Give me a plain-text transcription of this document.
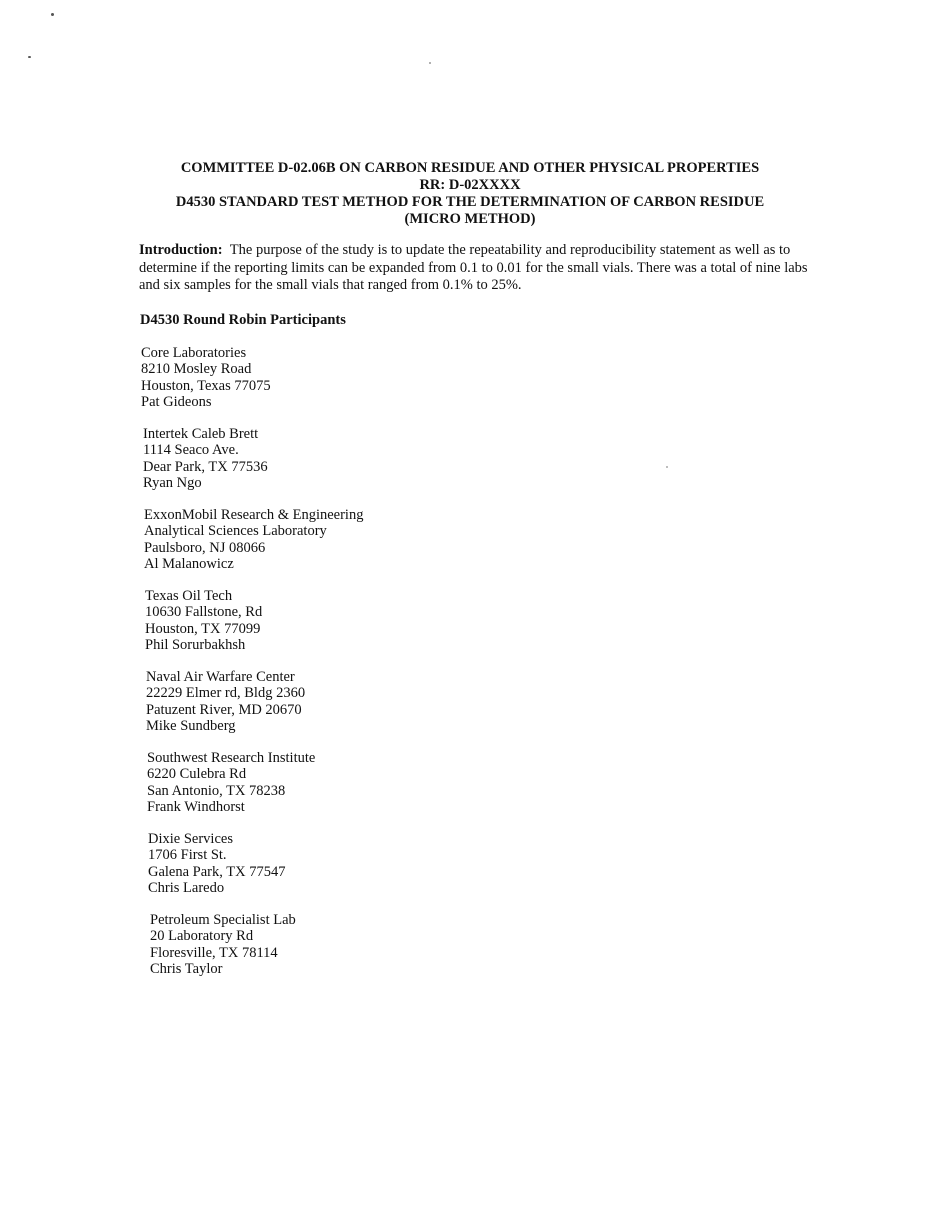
COMMITTEE D-02.06B ON CARBON RESIDUE AND OTHER PHYSICAL PROPERTIES
RR: D-02XXXX
D4530 STANDARD TEST METHOD FOR THE DETERMINATION OF CARBON RESIDUE
(MICRO METHOD)
Introduction: The purpose of the study is to update the repeatability and reproducibility statement as well as to
determine if the reporting limits can be expanded from 0.1 to 0.01 for the small vials. There was a total of nine labs
and six samples for the small vials that ranged from 0.1% to 25%.
D4530 Round Robin Participants
Core Laboratories
8210 Mosley Road
Houston, Texas 77075
Pat Gideons
Intertek Caleb Brett
1114 Seaco Ave.
Dear Park, TX 77536
Ryan Ngo
ExxonMobil Research & Engineering
Analytical Sciences Laboratory
Paulsboro, NJ 08066
Al Malanowicz
Texas Oil Tech
10630 Fallstone, Rd
Houston, TX 77099
Phil Sorurbakhsh
Naval Air Warfare Center
22229 Elmer rd, Bldg 2360
Patuzent River, MD 20670
Mike Sundberg
Southwest Research Institute
6220 Culebra Rd
San Antonio, TX 78238
Frank Windhorst
Dixie Services
1706 First St.
Galena Park, TX 77547
Chris Laredo
Petroleum Specialist Lab
20 Laboratory Rd
Floresville, TX 78114
Chris Taylor
